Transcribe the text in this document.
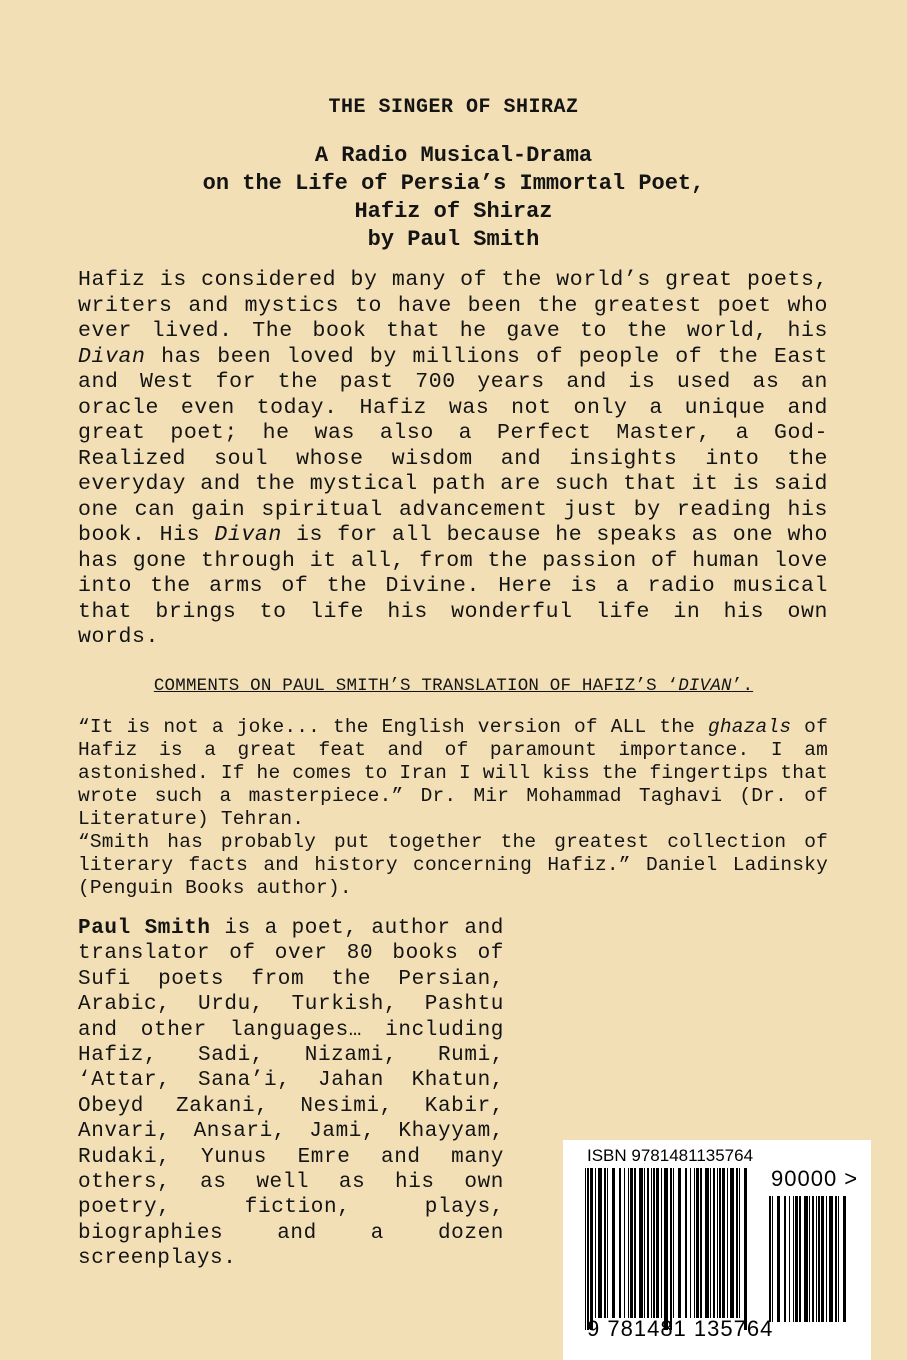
THE SINGER OF SHIRAZ
A Radio Musical-Drama
on the Life of Persia’s Immortal Poet,
Hafiz of Shiraz
by Paul Smith
Hafiz is considered by many of the world’s great poets, writers and mystics to have been the greatest poet who ever lived. The book that he gave to the world, his Divan has been loved by millions of people of the East and West for the past 700 years and is used as an oracle even today. Hafiz was not only a unique and great poet; he was also a Perfect Master, a God-Realized soul whose wisdom and insights into the everyday and the mystical path are such that it is said one can gain spiritual advancement just by reading his book. His Divan is for all because he speaks as one who has gone through it all, from the passion of human love into the arms of the Divine. Here is a radio musical that brings to life his wonderful life in his own words.
COMMENTS ON PAUL SMITH’S TRANSLATION OF HAFIZ’S ‘DIVAN’.

“It is not a joke... the English version of ALL the ghazals of Hafiz is a great feat and of paramount importance. I am astonished. If he comes to Iran I will kiss the fingertips that wrote such a masterpiece.” Dr. Mir Mohammad Taghavi (Dr. of Literature) Tehran.

“Smith has probably put together the greatest collection of literary facts and history concerning Hafiz.” Daniel Ladinsky (Penguin Books author).

Paul Smith is a poet, author and translator of over 80 books of Sufi poets from the Persian, Arabic, Urdu, Turkish, Pashtu and other languages… including Hafiz, Sadi, Nizami, Rumi, ‘Attar, Sana’i, Jahan Khatun, Obeyd Zakani, Nesimi, Kabir, Anvari, Ansari, Jami, Khayyam, Rudaki, Yunus Emre and many others, as well as his own poetry, fiction, plays, biographies and a dozen screenplays.
ISBN 9781481135764
90000 >
9 781481 135764
